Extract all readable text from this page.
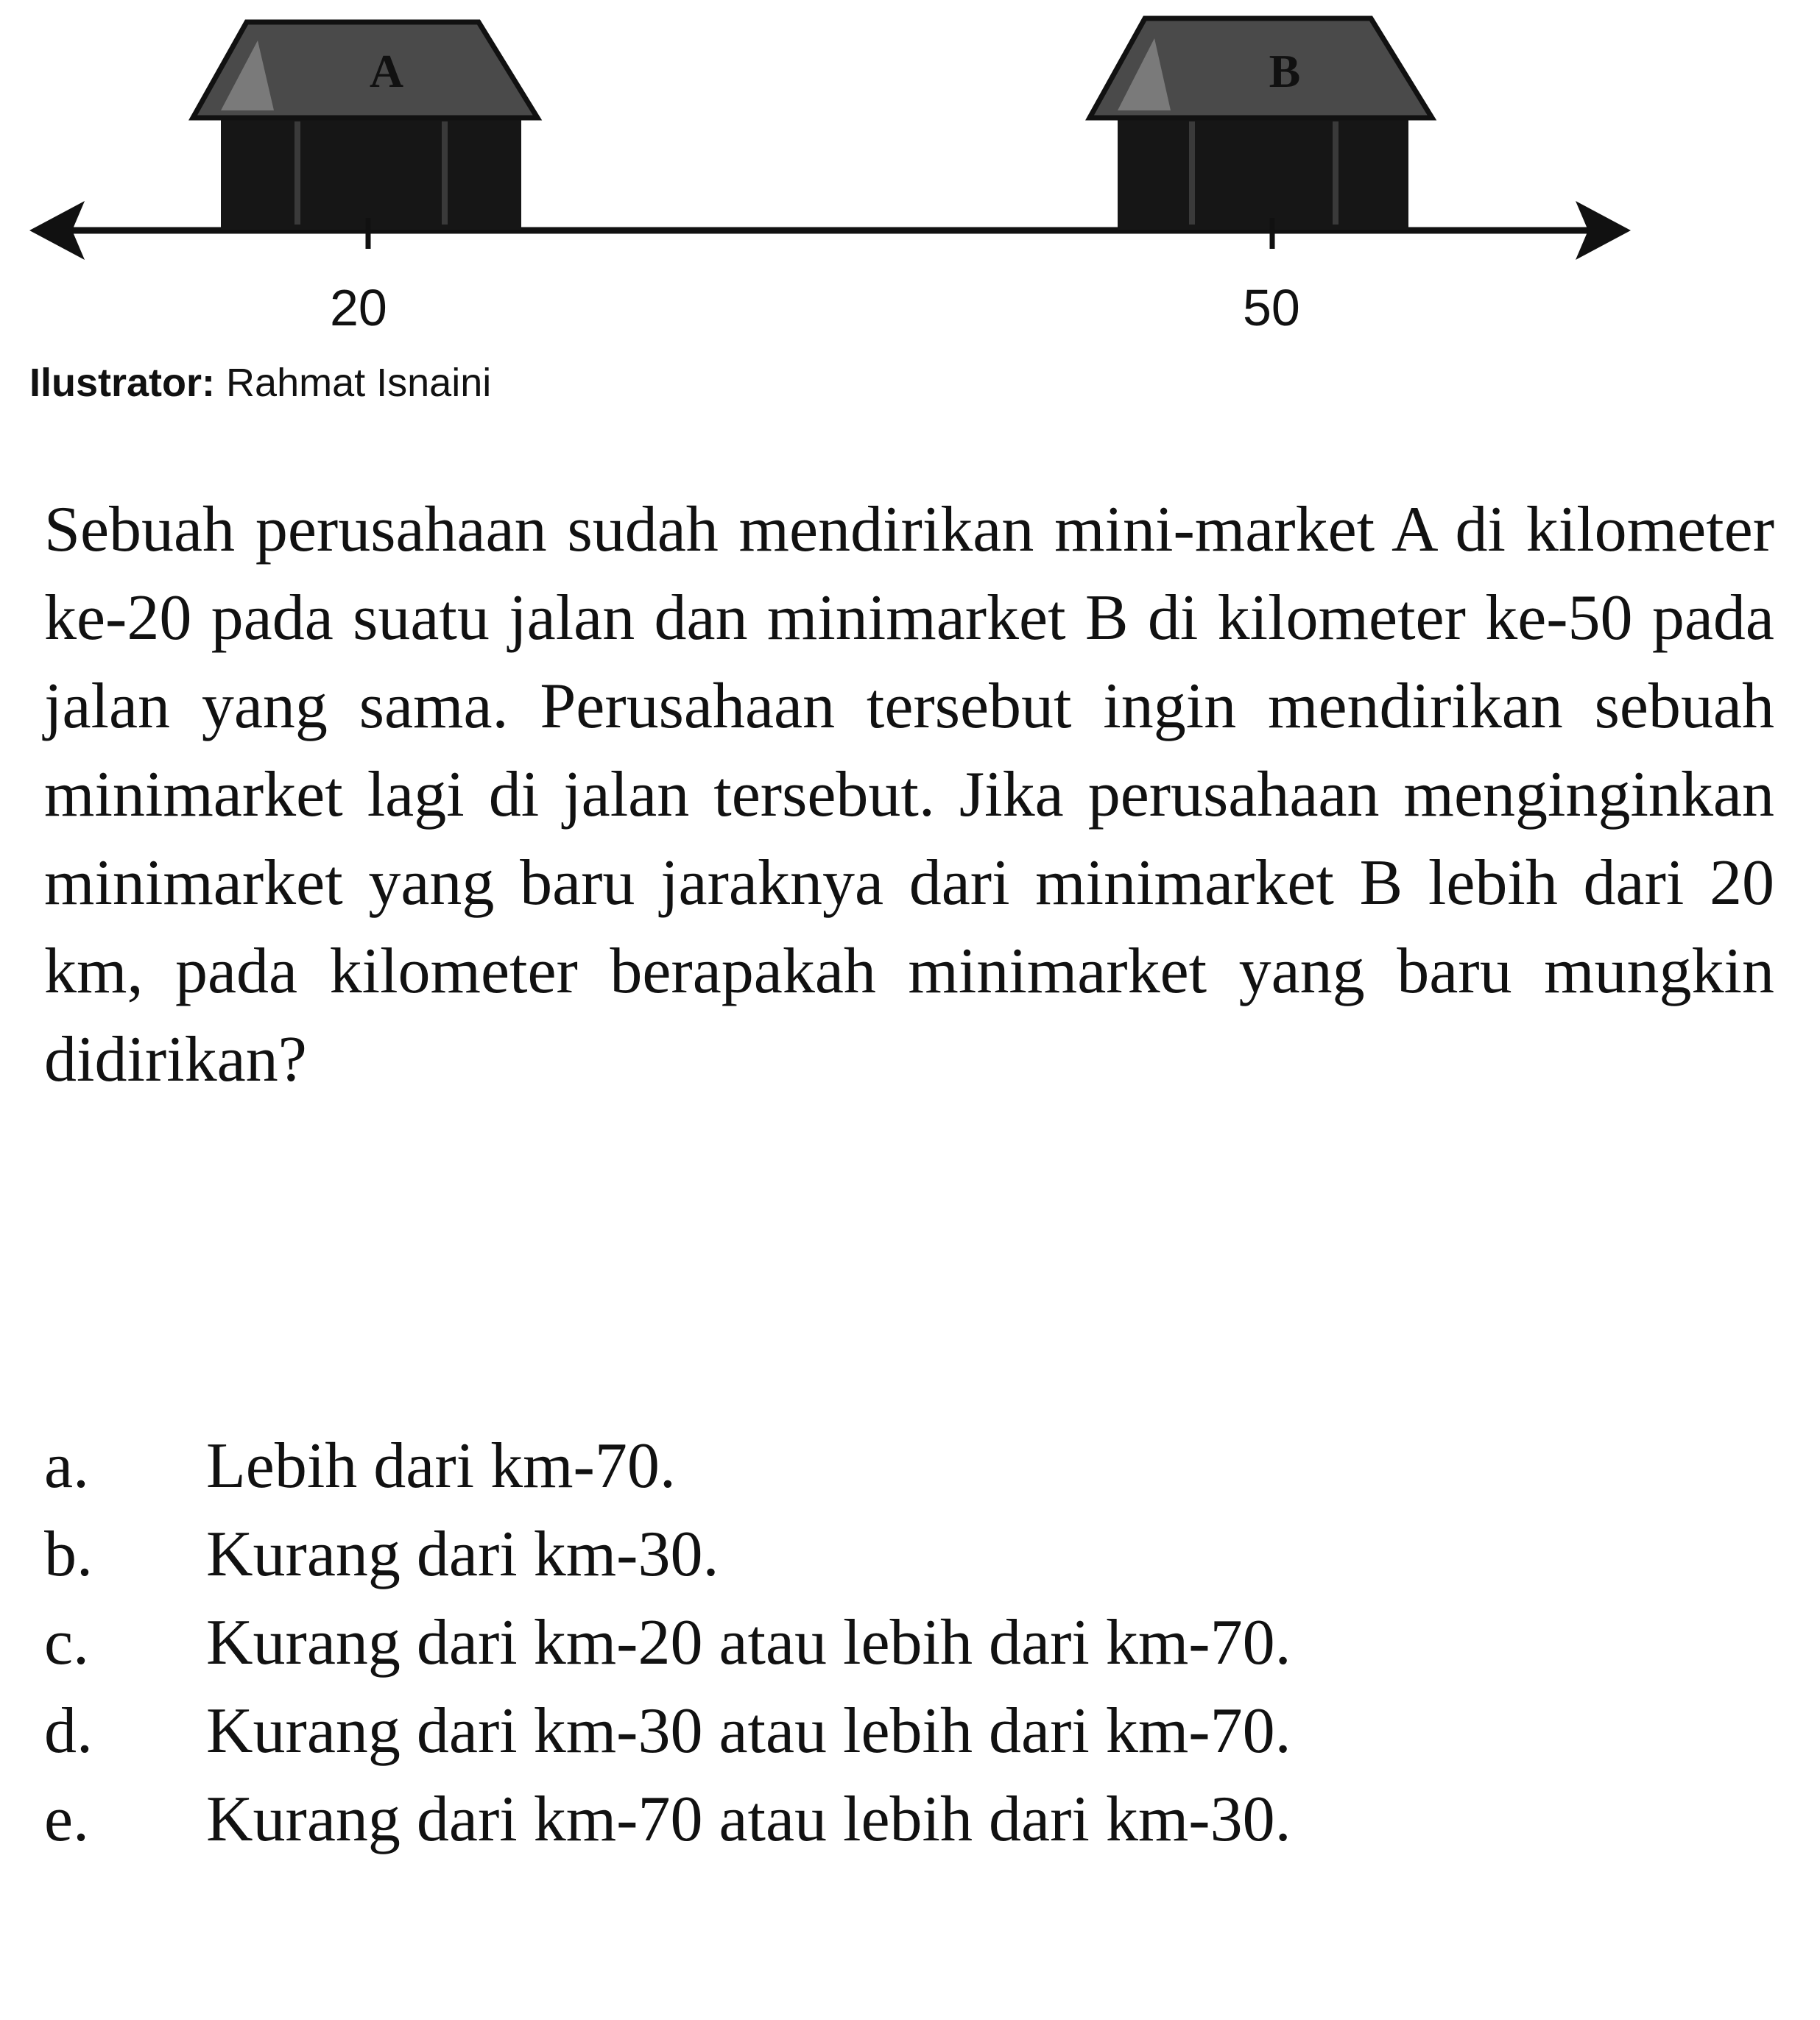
A	B
20	50
Ilustrator: Rahmat Isnaini

Sebuah perusahaan sudah mendirikan mini-market A di kilometer ke-20 pada suatu jalan dan minimarket B di kilometer ke-50 pada jalan yang sama. Perusahaan tersebut ingin mendirikan sebuah minimarket lagi di jalan tersebut. Jika perusahaan menginginkan minimarket yang baru jaraknya dari minimarket B lebih dari 20 km, pada kilometer berapakah minimarket yang baru mungkin didirikan?

a.	Lebih dari km-70.
b.	Kurang dari km-30.
c.	Kurang dari km-20 atau lebih dari km-70.
d.	Kurang dari km-30 atau lebih dari km-70.
e.	Kurang dari km-70 atau lebih dari km-30.
